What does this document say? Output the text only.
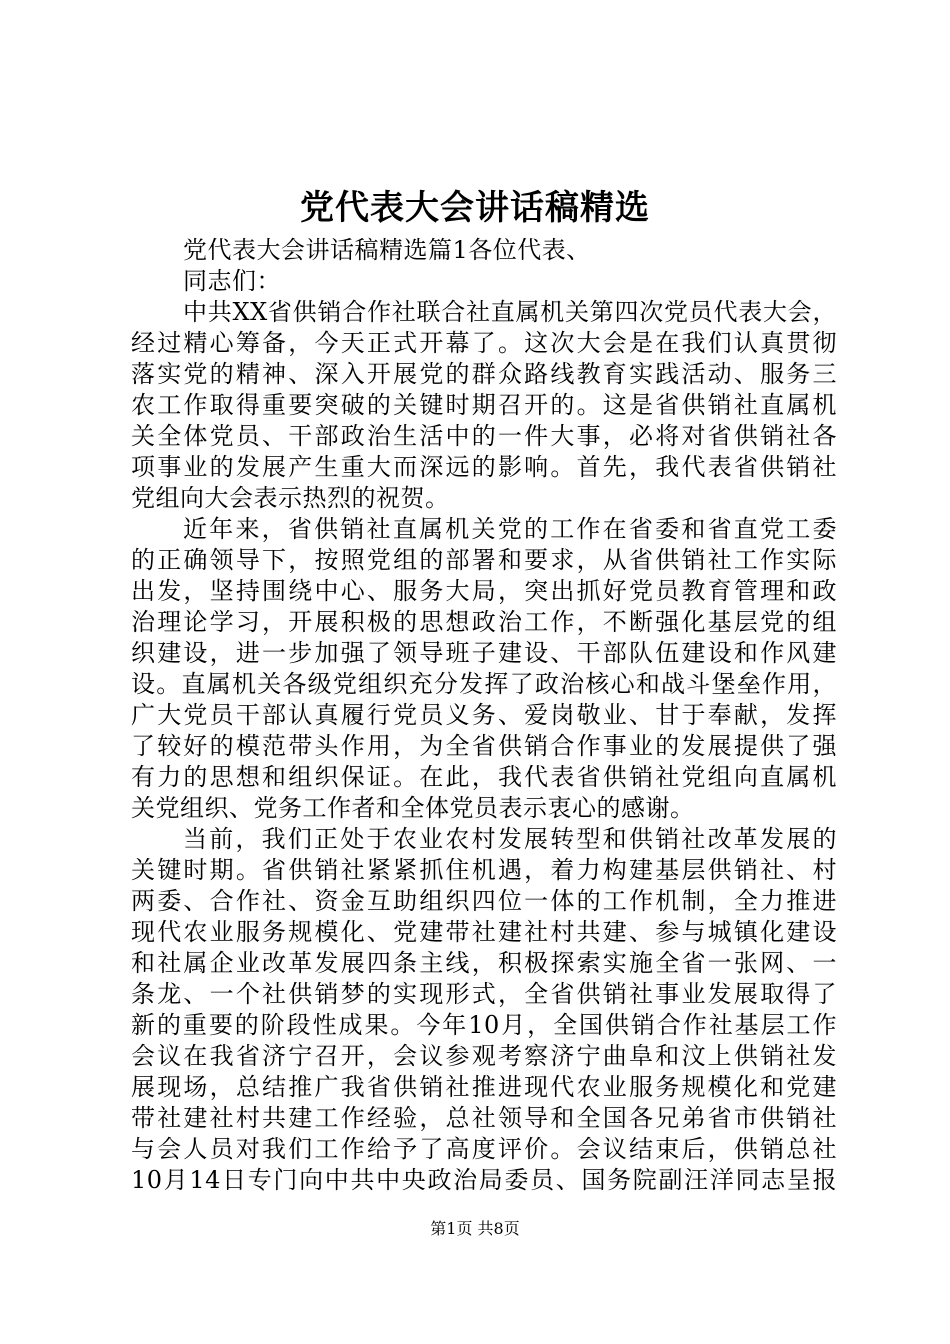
党代表大会讲话稿精选
党代表大会讲话稿精选篇1各位代表、
同志们：
中共XX省供销合作社联合社直属机关第四次党员代表大会，
经过精心筹备，今天正式开幕了。这次大会是在我们认真贯彻
落实党的精神、深入开展党的群众路线教育实践活动、服务三
农工作取得重要突破的关键时期召开的。这是省供销社直属机
关全体党员、干部政治生活中的一件大事，必将对省供销社各
项事业的发展产生重大而深远的影响。首先，我代表省供销社
党组向大会表示热烈的祝贺。
近年来，省供销社直属机关党的工作在省委和省直党工委
的正确领导下，按照党组的部署和要求，从省供销社工作实际
出发，坚持围绕中心、服务大局，突出抓好党员教育管理和政
治理论学习，开展积极的思想政治工作，不断强化基层党的组
织建设，进一步加强了领导班子建设、干部队伍建设和作风建
设。直属机关各级党组织充分发挥了政治核心和战斗堡垒作用，
广大党员干部认真履行党员义务、爱岗敬业、甘于奉献，发挥
了较好的模范带头作用，为全省供销合作事业的发展提供了强
有力的思想和组织保证。在此，我代表省供销社党组向直属机
关党组织、党务工作者和全体党员表示衷心的感谢。
当前，我们正处于农业农村发展转型和供销社改革发展的
关键时期。省供销社紧紧抓住机遇，着力构建基层供销社、村
两委、合作社、资金互助组织四位一体的工作机制，全力推进
现代农业服务规模化、党建带社建社村共建、参与城镇化建设
和社属企业改革发展四条主线，积极探索实施全省一张网、一
条龙、一个社供销梦的实现形式，全省供销社事业发展取得了
新的重要的阶段性成果。今年10月，全国供销合作社基层工作
会议在我省济宁召开，会议参观考察济宁曲阜和汶上供销社发
展现场，总结推广我省供销社推进现代农业服务规模化和党建
带社建社村共建工作经验，总社领导和全国各兄弟省市供销社
与会人员对我们工作给予了高度评价。会议结束后，供销总社
10月14日专门向中共中央政治局委员、国务院副汪洋同志呈报
第1页 共8页
